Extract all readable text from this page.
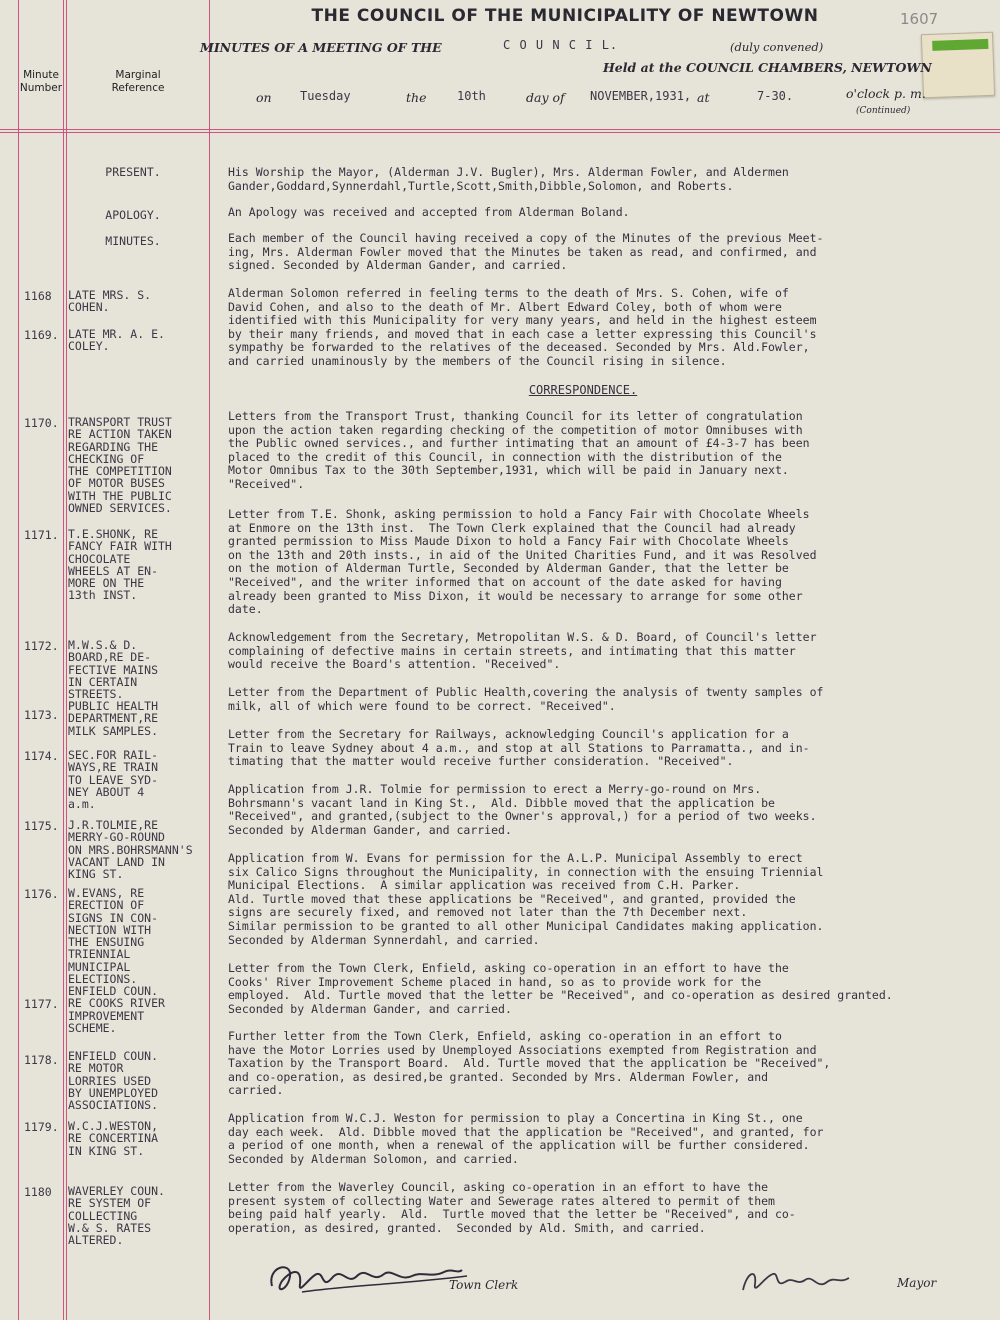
THE COUNCIL OF THE MUNICIPALITY OF NEWTOWN	1607
MINUTES OF A MEETING OF THE	C O U N C I L.	(duly convened)
Held at the COUNCIL CHAMBERS, NEWTOWN
on Tuesday	the	10th	day of NOVEMBER,1931, at	7-30.	o'clock p. m.
(Continued)
Minute
Number
Marginal
Reference
PRESENT.	His Worship the Mayor, (Alderman J.V. Bugler), Mrs. Alderman Fowler, and Aldermen
Gander,Goddard,Synnerdahl,Turtle,Scott,Smith,Dibble,Solomon, and Roberts.
APOLOGY.	An Apology was received and accepted from Alderman Boland.
MINUTES.	Each member of the Council having received a copy of the Minutes of the previous Meet-
ing, Mrs. Alderman Fowler moved that the Minutes be taken as read, and confirmed, and
signed. Seconded by Alderman Gander, and carried.
1168 LATE MRS. S.
COHEN.
Alderman Solomon referred in feeling terms to the death of Mrs. S. Cohen, wife of
David Cohen, and also to the death of Mr. Albert Edward Coley, both of whom were
identified with this Municipality for very many years, and held in the highest esteem
by their many friends, and moved that in each case a letter expressing this Council's
sympathy be forwarded to the relatives of the deceased. Seconded by Mrs. Ald.Fowler,
and carried unaminously by the members of the Council rising in silence.
1169. LATE MR. A. E.
COLEY.
CORRESPONDENCE.
1170. TRANSPORT TRUST
RE ACTION TAKEN
REGARDING THE
CHECKING OF
THE COMPETITION
OF MOTOR BUSES
WITH THE PUBLIC
OWNED SERVICES.
Letters from the Transport Trust, thanking Council for its letter of congratulation
upon the action taken regarding checking of the competition of motor Omnibuses with
the Public owned services., and further intimating that an amount of £4-3-7 has been
placed to the credit of this Council, in connection with the distribution of the
Motor Omnibus Tax to the 30th September,1931, which will be paid in January next.
"Received".
1171. T.E.SHONK, RE
FANCY FAIR WITH
CHOCOLATE
WHEELS AT EN-
MORE ON THE
13th INST.
Letter from T.E. Shonk, asking permission to hold a Fancy Fair with Chocolate Wheels
at Enmore on the 13th inst.  The Town Clerk explained that the Council had already
granted permission to Miss Maude Dixon to hold a Fancy Fair with Chocolate Wheels
on the 13th and 20th insts., in aid of the United Charities Fund, and it was Resolved
on the motion of Alderman Turtle, Seconded by Alderman Gander, that the letter be
"Received", and the writer informed that on account of the date asked for having
already been granted to Miss Dixon, it would be necessary to arrange for some other
date.
1172. M.W.S.& D.
BOARD,RE DE-
FECTIVE MAINS
IN CERTAIN
STREETS.
Acknowledgement from the Secretary, Metropolitan W.S. & D. Board, of Council's letter
complaining of defective mains in certain streets, and intimating that this matter
would receive the Board's attention. "Received".
1173.
PUBLIC HEALTH
DEPARTMENT,RE
MILK SAMPLES.
Letter from the Department of Public Health,covering the analysis of twenty samples of
milk, all of which were found to be correct. "Received".
1174. SEC.FOR RAIL-
WAYS,RE TRAIN
TO LEAVE SYD-
NEY ABOUT 4
a.m.
Letter from the Secretary for Railways, acknowledging Council's application for a
Train to leave Sydney about 4 a.m., and stop at all Stations to Parramatta., and in-
timating that the matter would receive further consideration. "Received".
1175. J.R.TOLMIE,RE
MERRY-GO-ROUND
ON MRS.BOHRSMANN'S
VACANT LAND IN
KING ST.
Application from J.R. Tolmie for permission to erect a Merry-go-round on Mrs.
Bohrsmann's vacant land in King St.,  Ald. Dibble moved that the application be
"Received", and granted,(subject to the Owner's approval,) for a period of two weeks.
Seconded by Alderman Gander, and carried.
1176. W.EVANS, RE
ERECTION OF
SIGNS IN CON-
NECTION WITH
THE ENSUING
TRIENNIAL
MUNICIPAL
ELECTIONS.
Application from W. Evans for permission for the A.L.P. Municipal Assembly to erect
six Calico Signs throughout the Municipality, in connection with the ensuing Triennial
Municipal Elections.  A similar application was received from C.H. Parker.
Ald. Turtle moved that these applications be "Received", and granted, provided the
signs are securely fixed, and removed not later than the 7th December next.
Similar permission to be granted to all other Municipal Candidates making application.
Seconded by Alderman Synnerdahl, and carried.
1177.
ENFIELD COUN.
RE COOKS RIVER
IMPROVEMENT
SCHEME.
Letter from the Town Clerk, Enfield, asking co-operation in an effort to have the
Cooks' River Improvement Scheme placed in hand, so as to provide work for the
employed.  Ald. Turtle moved that the letter be "Received", and co-operation as desired granted.
Seconded by Alderman Gander, and carried.
1178. ENFIELD COUN.
RE MOTOR
LORRIES USED
BY UNEMPLOYED
ASSOCIATIONS.
Further letter from the Town Clerk, Enfield, asking co-operation in an effort to
have the Motor Lorries used by Unemployed Associations exempted from Registration and
Taxation by the Transport Board.  Ald. Turtle moved that the application be "Received",
and co-operation, as desired,be granted. Seconded by Mrs. Alderman Fowler, and
carried.
1179. W.C.J.WESTON,
RE CONCERTINA
IN KING ST.
Application from W.C.J. Weston for permission to play a Concertina in King St., one
day each week.  Ald. Dibble moved that the application be "Received", and granted, for
a period of one month, when a renewal of the application will be further considered.
Seconded by Alderman Solomon, and carried.
1180 WAVERLEY COUN.
RE SYSTEM OF
COLLECTING
W.& S. RATES
ALTERED.
Letter from the Waverley Council, asking co-operation in an effort to have the
present system of collecting Water and Sewerage rates altered to permit of them
being paid half yearly.  Ald.  Turtle moved that the letter be "Received", and co-
operation, as desired, granted.  Seconded by Ald. Smith, and carried.
Town Clerk	Mayor
